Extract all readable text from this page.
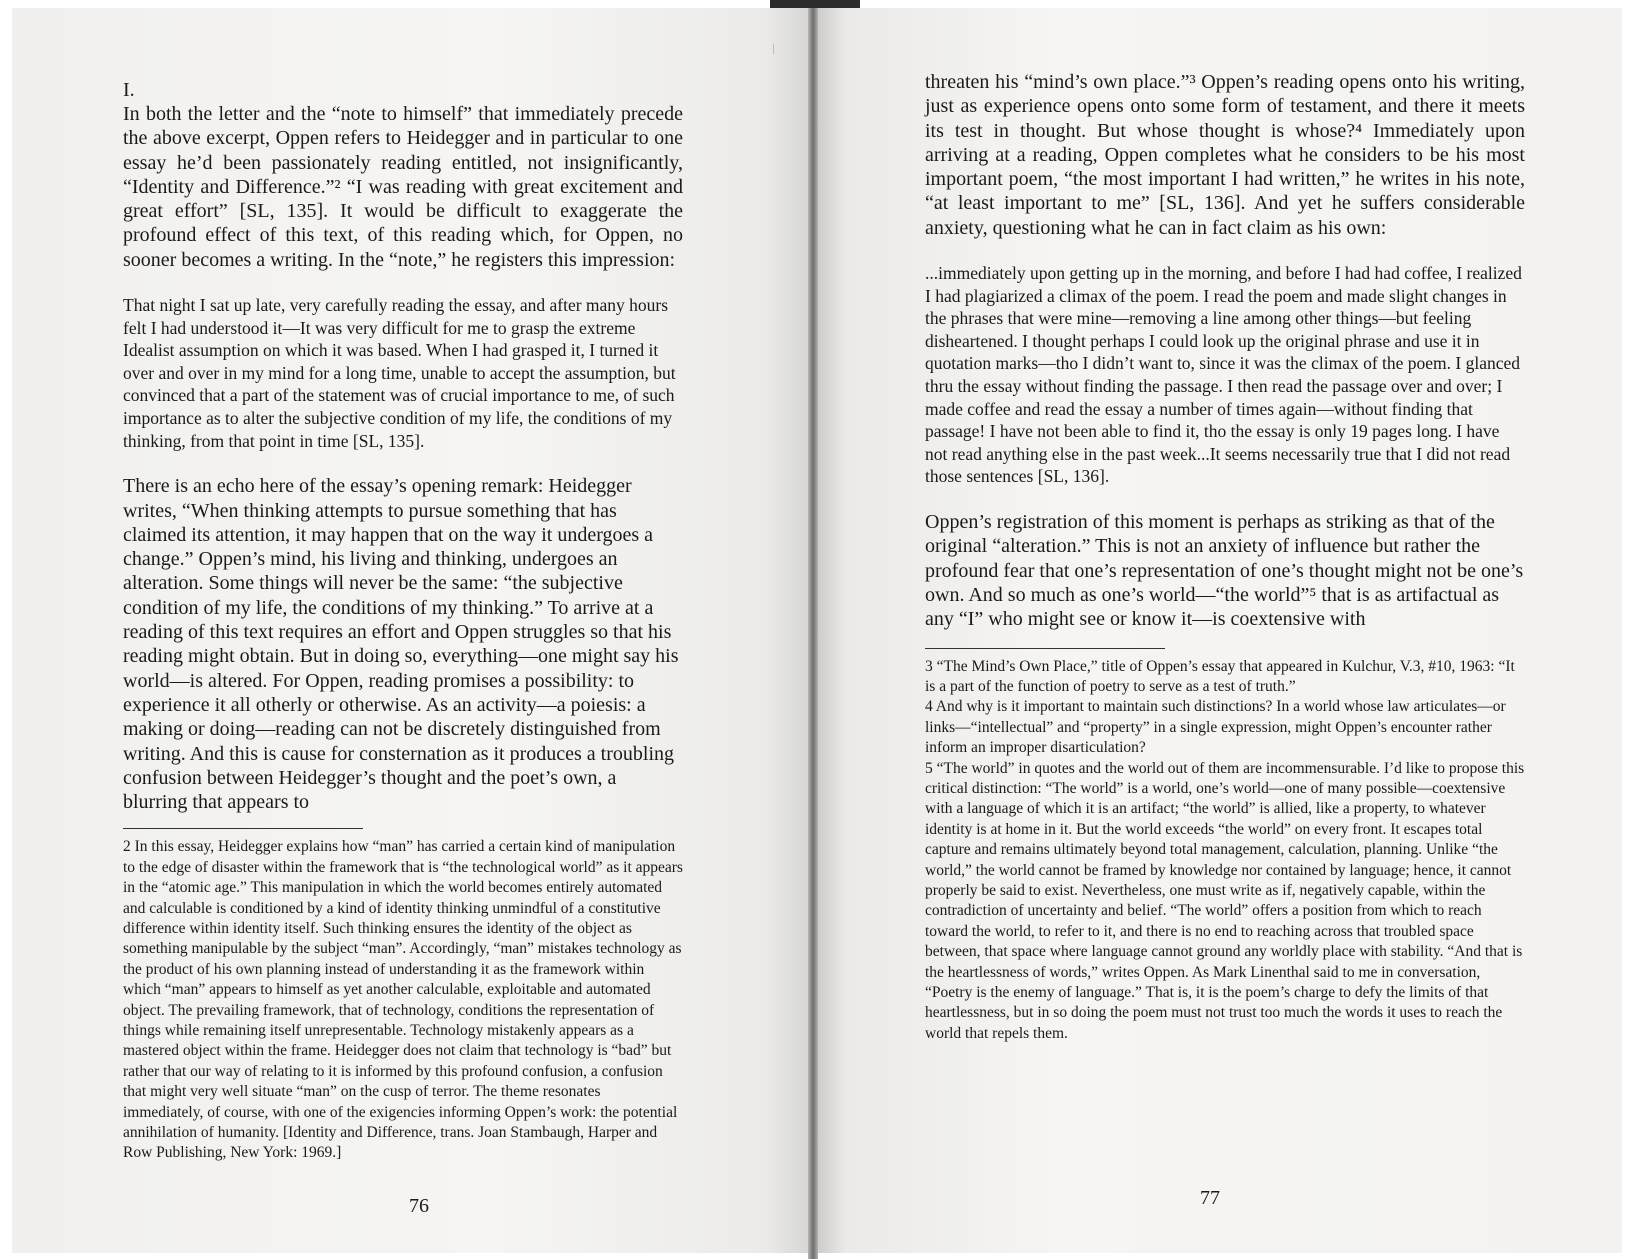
I.

In both the letter and the “note to himself” that immediately precede the above excerpt, Oppen refers to Heidegger and in particular to one essay he’d been passionately reading entitled, not insignificantly, “Identity and Difference.”² “I was reading with great excitement and great effort” [SL, 135]. It would be difficult to exaggerate the profound effect of this text, of this reading which, for Oppen, no sooner becomes a writing. In the “note,” he registers this impression:

That night I sat up late, very carefully reading the essay, and after many hours felt I had understood it—It was very difficult for me to grasp the extreme Idealist assumption on which it was based. When I had grasped it, I turned it over and over in my mind for a long time, unable to accept the assumption, but convinced that a part of the statement was of crucial importance to me, of such importance as to alter the subjective condition of my life, the conditions of my thinking, from that point in time [SL, 135].

There is an echo here of the essay’s opening remark: Heidegger writes, “When thinking attempts to pursue something that has claimed its attention, it may happen that on the way it undergoes a change.” Oppen’s mind, his living and thinking, undergoes an alteration. Some things will never be the same: “the subjective condition of my life, the conditions of my thinking.” To arrive at a reading of this text requires an effort and Oppen struggles so that his reading might obtain. But in doing so, everything—one might say his world—is altered. For Oppen, reading promises a possibility: to experience it all otherly or otherwise. As an activity—a poiesis: a making or doing—reading can not be discretely distinguished from writing. And this is cause for consternation as it produces a troubling confusion between Heidegger’s thought and the poet’s own, a blurring that appears to

2 In this essay, Heidegger explains how “man” has carried a certain kind of manipulation to the edge of disaster within the framework that is “the technological world” as it appears in the “atomic age.” This manipulation in which the world becomes entirely automated and calculable is conditioned by a kind of identity thinking unmindful of a constitutive difference within identity itself. Such thinking ensures the identity of the object as something manipulable by the subject “man”. Accordingly, “man” mistakes technology as the product of his own planning instead of understanding it as the framework within which “man” appears to himself as yet another calculable, exploitable and automated object. The prevailing framework, that of technology, conditions the representation of things while remaining itself unrepresentable. Technology mistakenly appears as a mastered object within the frame. Heidegger does not claim that technology is “bad” but rather that our way of relating to it is informed by this profound confusion, a confusion that might very well situate “man” on the cusp of terror. The theme resonates immediately, of course, with one of the exigencies informing Oppen’s work: the potential annihilation of humanity. [Identity and Difference, trans. Joan Stambaugh, Harper and Row Publishing, New York: 1969.]

76

threaten his “mind’s own place.”³ Oppen’s reading opens onto his writing, just as experience opens onto some form of testament, and there it meets its test in thought. But whose thought is whose?⁴ Immediately upon arriving at a reading, Oppen completes what he considers to be his most important poem, “the most important I had written,” he writes in his note, “at least important to me” [SL, 136]. And yet he suffers considerable anxiety, questioning what he can in fact claim as his own:

...immediately upon getting up in the morning, and before I had had coffee, I realized I had plagiarized a climax of the poem. I read the poem and made slight changes in the phrases that were mine—removing a line among other things—but feeling disheartened. I thought perhaps I could look up the original phrase and use it in quotation marks—tho I didn’t want to, since it was the climax of the poem. I glanced thru the essay without finding the passage. I then read the passage over and over; I made coffee and read the essay a number of times again—without finding that passage! I have not been able to find it, tho the essay is only 19 pages long. I have not read anything else in the past week...It seems necessarily true that I did not read those sentences [SL, 136].

Oppen’s registration of this moment is perhaps as striking as that of the original “alteration.” This is not an anxiety of influence but rather the profound fear that one’s representation of one’s thought might not be one’s own. And so much as one’s world—“the world”⁵ that is as artifactual as any “I” who might see or know it—is coextensive with

3 “The Mind’s Own Place,” title of Oppen’s essay that appeared in Kulchur, V.3, #10, 1963: “It is a part of the function of poetry to serve as a test of truth.”

4 And why is it important to maintain such distinctions? In a world whose law articulates—or links—“intellectual” and “property” in a single expression, might Oppen’s encounter rather inform an improper disarticulation?

5 “The world” in quotes and the world out of them are incommensurable. I’d like to propose this critical distinction: “The world” is a world, one’s world—one of many possible—coextensive with a language of which it is an artifact; “the world” is allied, like a property, to whatever identity is at home in it. But the world exceeds “the world” on every front. It escapes total capture and remains ultimately beyond total management, calculation, planning. Unlike “the world,” the world cannot be framed by knowledge nor contained by language; hence, it cannot properly be said to exist. Nevertheless, one must write as if, negatively capable, within the contradiction of uncertainty and belief. “The world” offers a position from which to reach toward the world, to refer to it, and there is no end to reaching across that troubled space between, that space where language cannot ground any worldly place with stability. “And that is the heartlessness of words,” writes Oppen. As Mark Linenthal said to me in conversation, “Poetry is the enemy of language.” That is, it is the poem’s charge to defy the limits of that heartlessness, but in so doing the poem must not trust too much the words it uses to reach the world that repels them.

77
